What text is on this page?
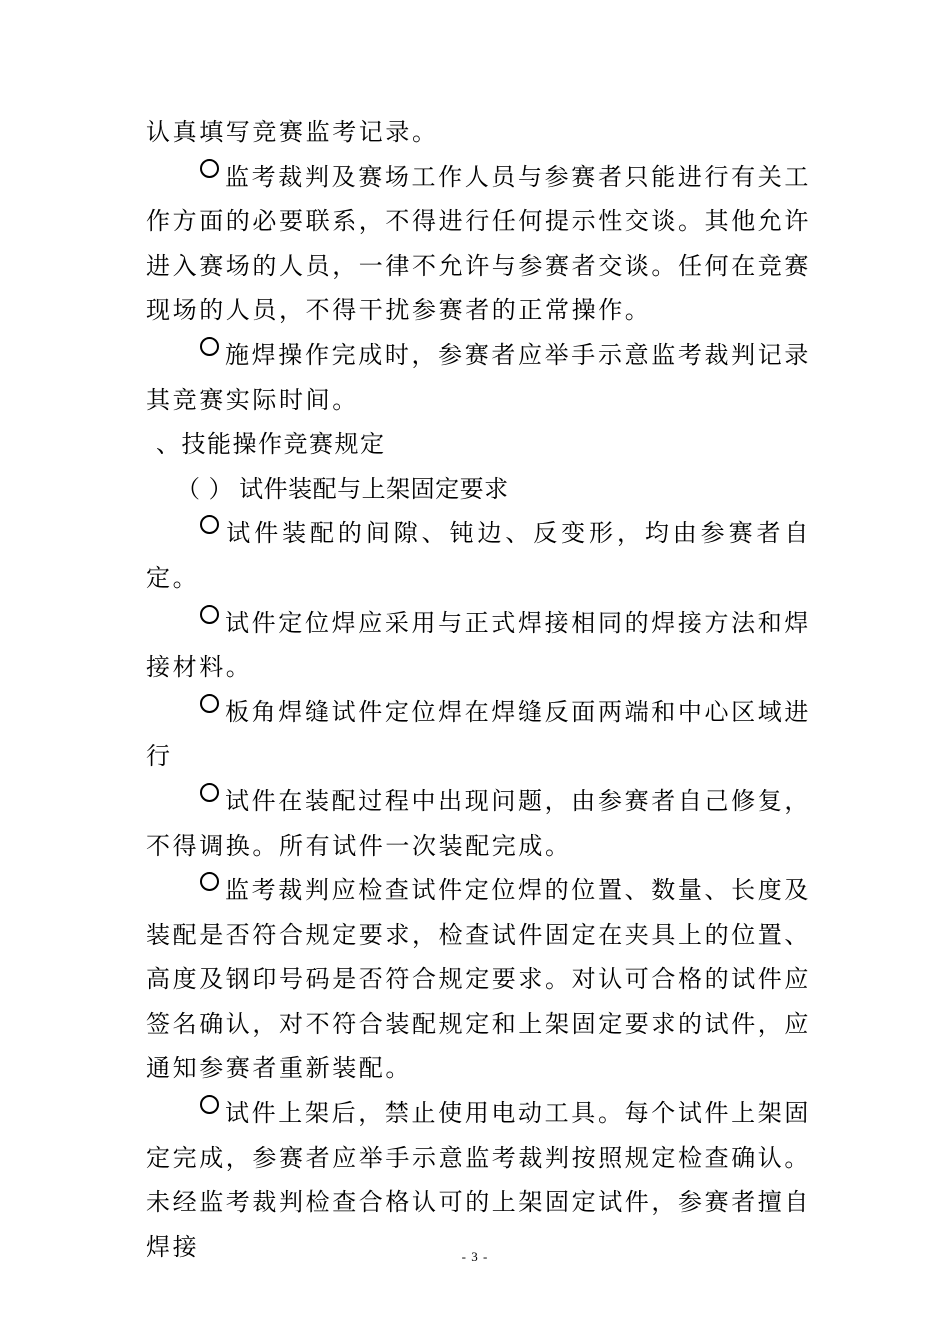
认真填写竞赛监考记录。

监考裁判及赛场工作人员与参赛者只能进行有关工作方面的必要联系，不得进行任何提示性交谈。其他允许进入赛场的人员，一律不允许与参赛者交谈。任何在竞赛现场的人员，不得干扰参赛者的正常操作。

施焊操作完成时，参赛者应举手示意监考裁判记录其竞赛实际时间。

、技能操作竞赛规定

（ ） 试件装配与上架固定要求

试件装配的间隙、钝边、反变形，均由参赛者自定。

试件定位焊应采用与正式焊接相同的焊接方法和焊接材料。

板角焊缝试件定位焊在焊缝反面两端和中心区域进行

试件在装配过程中出现问题，由参赛者自己修复，不得调换。所有试件一次装配完成。

监考裁判应检查试件定位焊的位置、数量、长度及装配是否符合规定要求，检查试件固定在夹具上的位置、高度及钢印号码是否符合规定要求。对认可合格的试件应签名确认，对不符合装配规定和上架固定要求的试件，应通知参赛者重新装配。

试件上架后，禁止使用电动工具。每个试件上架固定完成，参赛者应举手示意监考裁判按照规定检查确认。未经监考裁判检查合格认可的上架固定试件，参赛者擅自焊接	- 3 -
